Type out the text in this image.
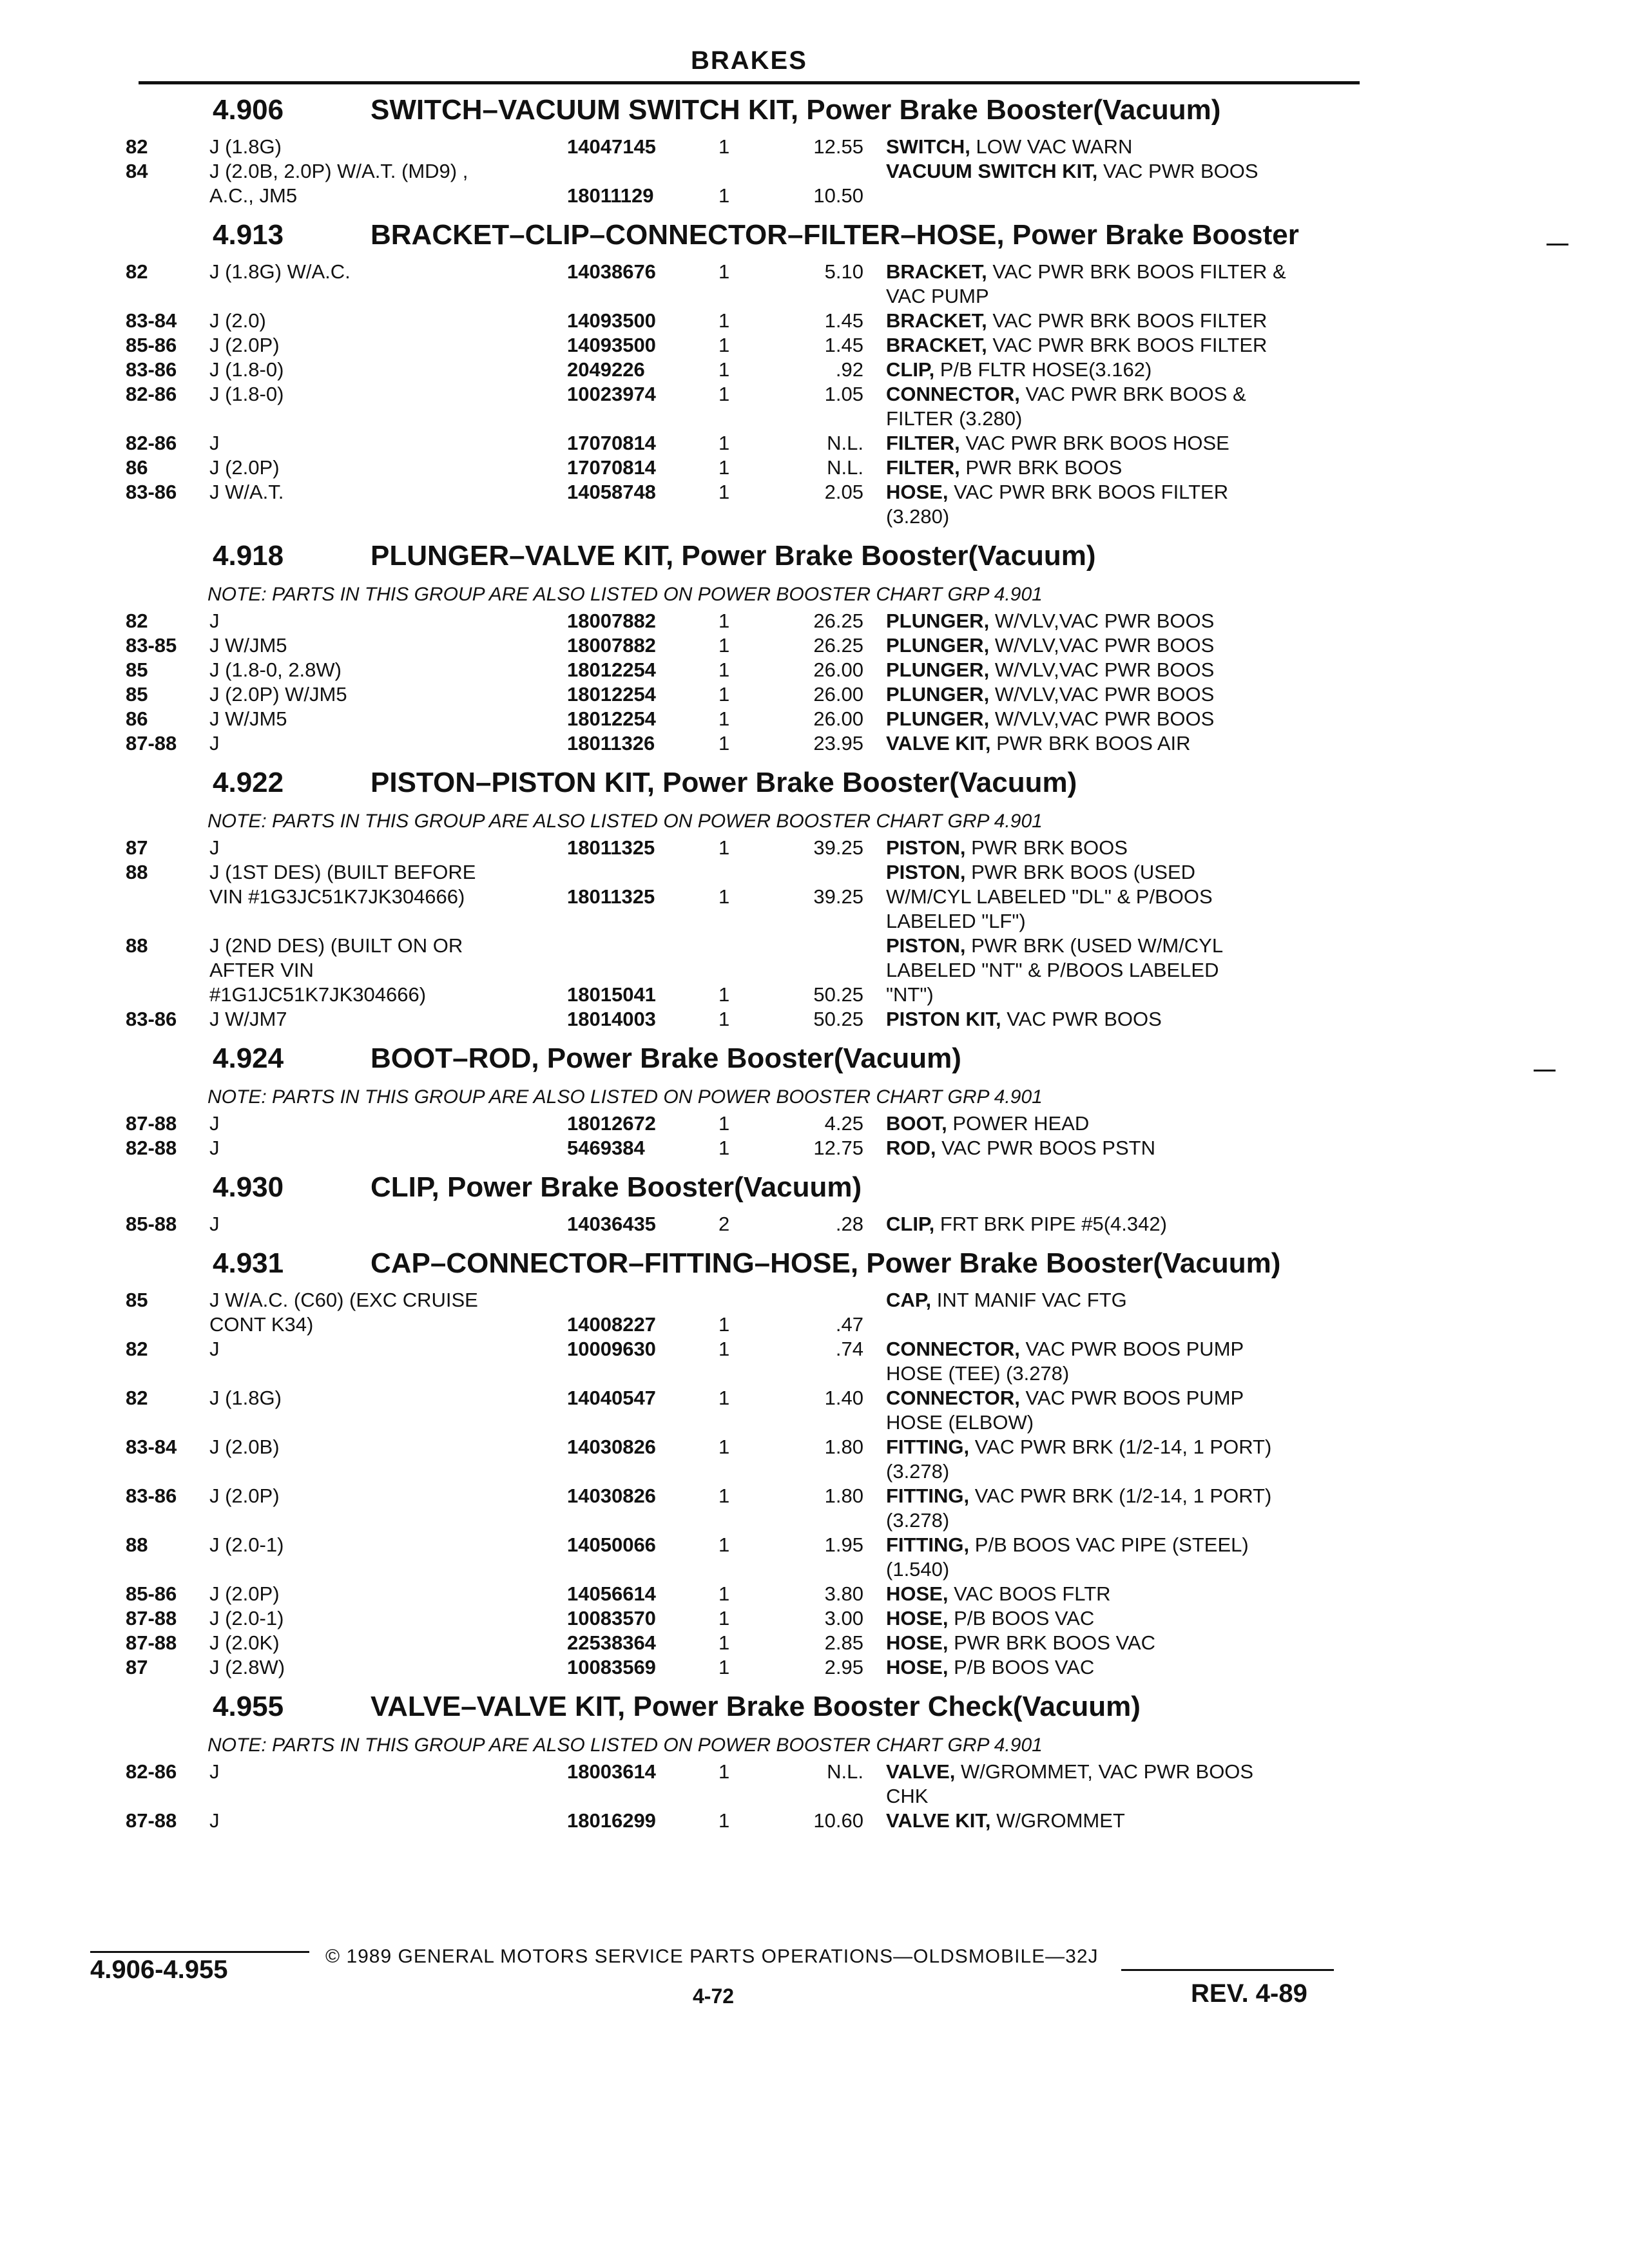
BRAKES
4.906	SWITCH–VACUUM SWITCH KIT, Power Brake Booster(Vacuum)
82	J (1.8G)	14047145	1	12.55 SWITCH, LOW VAC WARN
84	J (2.0B, 2.0P) W/A.T. (MD9) ,	VACUUM SWITCH KIT, VAC PWR BOOS
A.C., JM5	18011129	1	10.50
4.913	BRACKET–CLIP–CONNECTOR–FILTER–HOSE, Power Brake Booster
82	J (1.8G) W/A.C.	14038676	1	5.10 BRACKET, VAC PWR BRK BOOS FILTER &
VAC PUMP
83-84 J (2.0)	14093500	1	1.45 BRACKET, VAC PWR BRK BOOS FILTER
85-86 J (2.0P)	14093500	1	1.45 BRACKET, VAC PWR BRK BOOS FILTER
83-86 J (1.8-0)	2049226	1	.92 CLIP, P/B FLTR HOSE(3.162)
82-86 J (1.8-0)	10023974	1	1.05 CONNECTOR, VAC PWR BRK BOOS &
FILTER (3.280)
82-86 J	17070814	1	N.L. FILTER, VAC PWR BRK BOOS HOSE
86	J (2.0P)	17070814	1	N.L. FILTER, PWR BRK BOOS
83-86 J W/A.T.	14058748	1	2.05 HOSE, VAC PWR BRK BOOS FILTER
(3.280)
4.918	PLUNGER–VALVE KIT, Power Brake Booster(Vacuum)
NOTE: PARTS IN THIS GROUP ARE ALSO LISTED ON POWER BOOSTER CHART GRP 4.901
82	J	18007882	1	26.25 PLUNGER, W/VLV,VAC PWR BOOS
83-85 J W/JM5	18007882	1	26.25 PLUNGER, W/VLV,VAC PWR BOOS
85	J (1.8-0, 2.8W)	18012254	1	26.00 PLUNGER, W/VLV,VAC PWR BOOS
85	J (2.0P) W/JM5	18012254	1	26.00 PLUNGER, W/VLV,VAC PWR BOOS
86	J W/JM5	18012254	1	26.00 PLUNGER, W/VLV,VAC PWR BOOS
87-88 J	18011326	1	23.95 VALVE KIT, PWR BRK BOOS AIR
4.922	PISTON–PISTON KIT, Power Brake Booster(Vacuum)
NOTE: PARTS IN THIS GROUP ARE ALSO LISTED ON POWER BOOSTER CHART GRP 4.901
87	J	18011325	1	39.25 PISTON, PWR BRK BOOS
88	J (1ST DES) (BUILT BEFORE	PISTON, PWR BRK BOOS (USED
VIN #1G3JC51K7JK304666)	18011325	1	39.25 W/M/CYL LABELED "DL" & P/BOOS
LABELED "LF")
88	J (2ND DES) (BUILT ON OR	PISTON, PWR BRK (USED W/M/CYL
AFTER VIN	LABELED "NT" & P/BOOS LABELED
#1G1JC51K7JK304666)	18015041	1	50.25 "NT")
83-86 J W/JM7	18014003	1	50.25 PISTON KIT, VAC PWR BOOS
4.924	BOOT–ROD, Power Brake Booster(Vacuum)
NOTE: PARTS IN THIS GROUP ARE ALSO LISTED ON POWER BOOSTER CHART GRP 4.901
87-88 J	18012672	1	4.25 BOOT, POWER HEAD
82-88 J	5469384	1	12.75 ROD, VAC PWR BOOS PSTN
4.930	CLIP, Power Brake Booster(Vacuum)
85-88 J	14036435	2	.28 CLIP, FRT BRK PIPE #5(4.342)
4.931	CAP–CONNECTOR–FITTING–HOSE, Power Brake Booster(Vacuum)
85	J W/A.C. (C60) (EXC CRUISE	CAP, INT MANIF VAC FTG
CONT K34)	14008227	1	.47
82	J	10009630	1	.74 CONNECTOR, VAC PWR BOOS PUMP
HOSE (TEE) (3.278)
82	J (1.8G)	14040547	1	1.40 CONNECTOR, VAC PWR BOOS PUMP
HOSE (ELBOW)
83-84 J (2.0B)	14030826	1	1.80 FITTING, VAC PWR BRK (1/2-14, 1 PORT)
(3.278)
83-86 J (2.0P)	14030826	1	1.80 FITTING, VAC PWR BRK (1/2-14, 1 PORT)
(3.278)
88	J (2.0-1)	14050066	1	1.95 FITTING, P/B BOOS VAC PIPE (STEEL)
(1.540)
85-86 J (2.0P)	14056614	1	3.80 HOSE, VAC BOOS FLTR
87-88 J (2.0-1)	10083570	1	3.00 HOSE, P/B BOOS VAC
87-88 J (2.0K)	22538364	1	2.85 HOSE, PWR BRK BOOS VAC
87	J (2.8W)	10083569	1	2.95 HOSE, P/B BOOS VAC
4.955	VALVE–VALVE KIT, Power Brake Booster Check(Vacuum)
NOTE: PARTS IN THIS GROUP ARE ALSO LISTED ON POWER BOOSTER CHART GRP 4.901
82-86 J	18003614	1	N.L. VALVE, W/GROMMET, VAC PWR BOOS
CHK
87-88 J	18016299	1	10.60 VALVE KIT, W/GROMMET
4.906-4.955	© 1989 GENERAL MOTORS SERVICE PARTS OPERATIONS—OLDSMOBILE—32J
4-72	REV. 4-89
